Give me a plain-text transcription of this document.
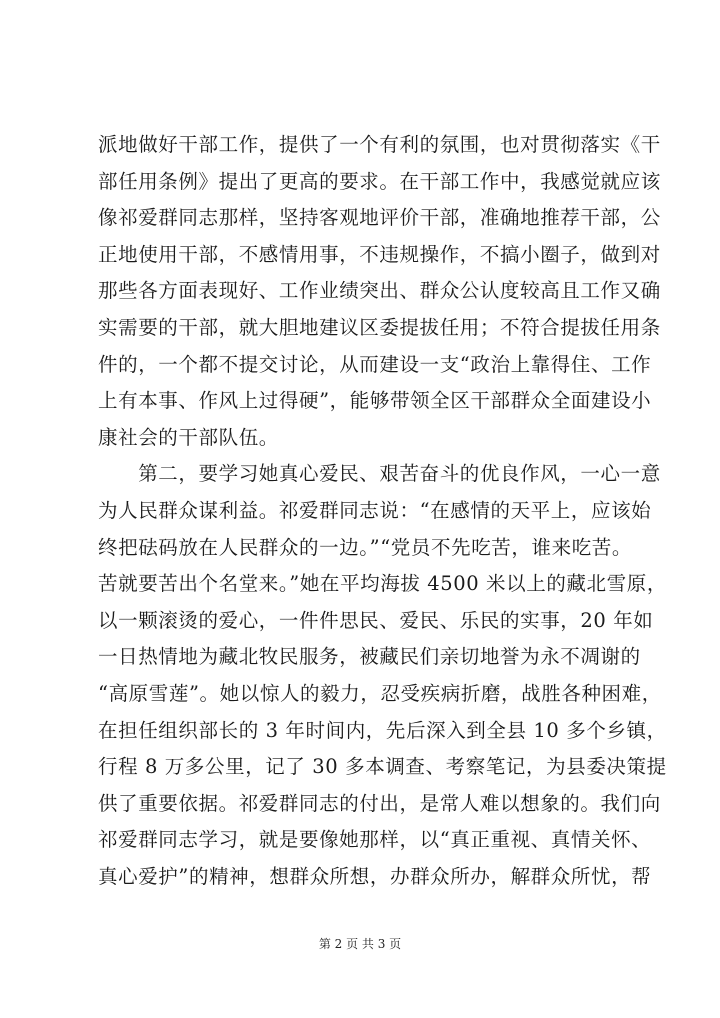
派地做好干部工作，提供了一个有利的氛围，也对贯彻落实《干
部任用条例》提出了更高的要求。在干部工作中，我感觉就应该
像祁爱群同志那样，坚持客观地评价干部，准确地推荐干部，公
正地使用干部，不感情用事，不违规操作，不搞小圈子，做到对
那些各方面表现好、工作业绩突出、群众公认度较高且工作又确
实需要的干部，就大胆地建议区委提拔任用；不符合提拔任用条
件的，一个都不提交讨论，从而建设一支“政治上靠得住、工作
上有本事、作风上过得硬”，能够带领全区干部群众全面建设小
康社会的干部队伍。
　　第二，要学习她真心爱民、艰苦奋斗的优良作风，一心一意
为人民群众谋利益。祁爱群同志说：“在感情的天平上，应该始
终把砝码放在人民群众的一边。”“党员不先吃苦，谁来吃苦。
苦就要苦出个名堂来。”她在平均海拔 4500 米以上的藏北雪原，
以一颗滚烫的爱心，一件件思民、爱民、乐民的实事，20 年如
一日热情地为藏北牧民服务，被藏民们亲切地誉为永不凋谢的
“高原雪莲”。她以惊人的毅力，忍受疾病折磨，战胜各种困难，
在担任组织部长的 3 年时间内，先后深入到全县 10 多个乡镇，
行程 8 万多公里，记了 30 多本调查、考察笔记，为县委决策提
供了重要依据。祁爱群同志的付出，是常人难以想象的。我们向
祁爱群同志学习，就是要像她那样，以“真正重视、真情关怀、
真心爱护”的精神，想群众所想，办群众所办，解群众所忧，帮
第 2 页 共 3 页
